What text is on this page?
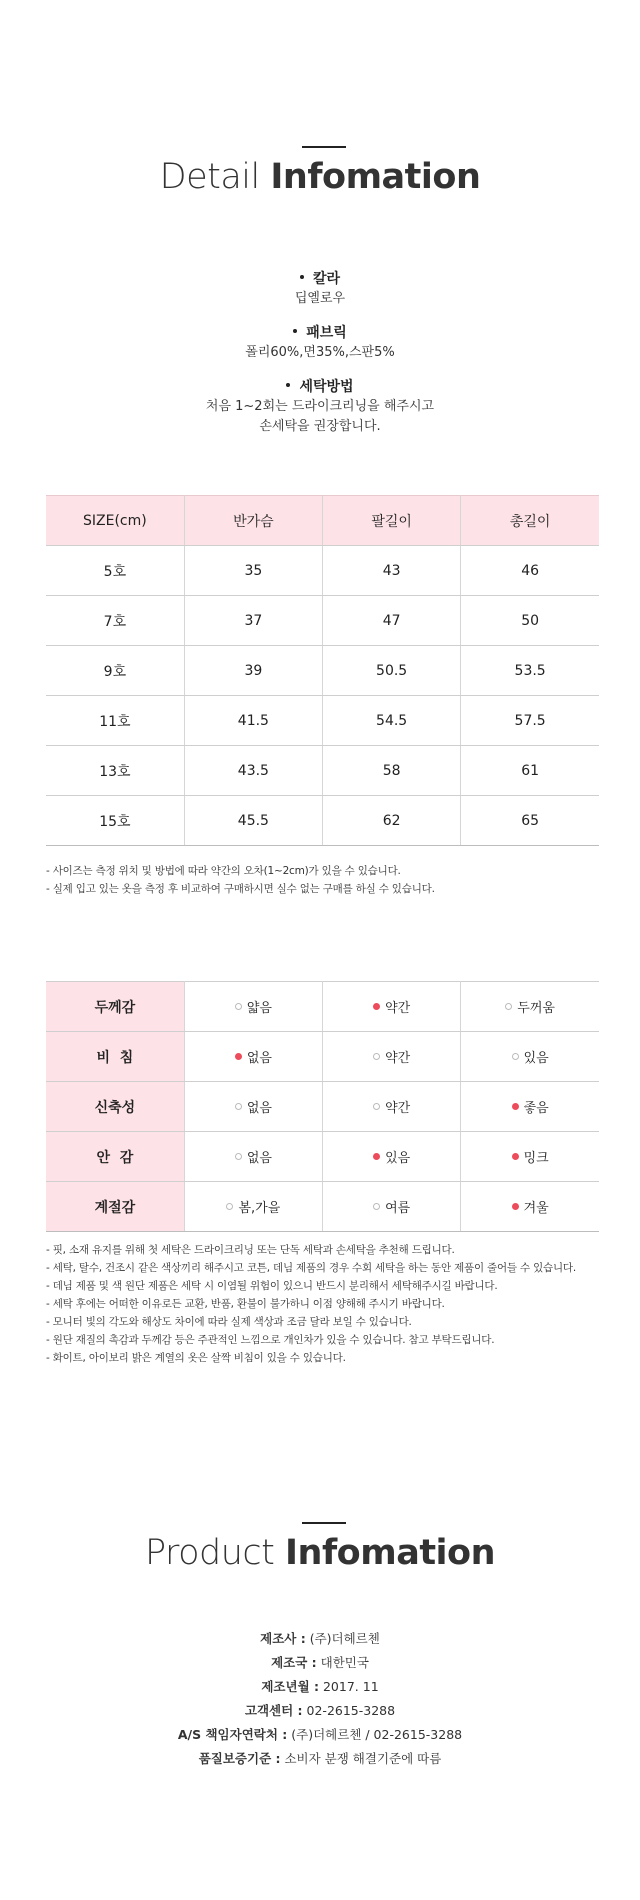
Detail Infomation
칼라
딥옐로우
패브릭
폴리60%,면35%,스판5%
세탁방법
처음 1~2회는 드라이크리닝을 해주시고
손세탁을 권장합니다.
SIZE(cm)	반가슴	팔길이	총길이
5호	35	43	46
7호	37	47	50
9호	39	50.5	53.5
11호	41.5	54.5	57.5
13호	43.5	58	61
15호	45.5	62	65
- 사이즈는 측정 위치 및 방법에 따라 약간의 오차(1~2cm)가 있을 수 있습니다.
- 실제 입고 있는 옷을 측정 후 비교하여 구매하시면 실수 없는 구매를 하실 수 있습니다.
두께감	얇음	약간	두꺼움

비  침	없음	약간	있음

신축성	없음	약간	좋음

안  감	없음	있음	밍크

계절감	봄,가을	여름	겨울
- 핏, 소재 유지를 위해 첫 세탁은 드라이크리닝 또는 단독 세탁과 손세탁을 추천해 드립니다.
- 세탁, 탈수, 건조시 같은 색상끼리 해주시고 코튼, 데님 제품의 경우 수회 세탁을 하는 동안 제품이 줄어들 수 있습니다.
- 데님 제품 및 색 원단 제품은 세탁 시 이염될 위험이 있으니 반드시 분리해서 세탁해주시길 바랍니다.
- 세탁 후에는 어떠한 이유로든 교환, 반품, 환불이 불가하니 이점 양해해 주시기 바랍니다.
- 모니터 빛의 각도와 해상도 차이에 따라 실제 색상과 조금 달라 보일 수 있습니다.
- 원단 재질의 촉감과 두께감 등은 주관적인 느낌으로 개인차가 있을 수 있습니다. 참고 부탁드립니다.
- 화이트, 아이보리 밝은 계열의 옷은 살짝 비침이 있을 수 있습니다.
Product Infomation
제조사 : (주)더헤르첸
제조국 : 대한민국
제조년월 : 2017. 11
고객센터 : 02-2615-3288
A/S 책임자연락처 : (주)더헤르첸 / 02-2615-3288
품질보증기준 : 소비자 분쟁 해결기준에 따름
